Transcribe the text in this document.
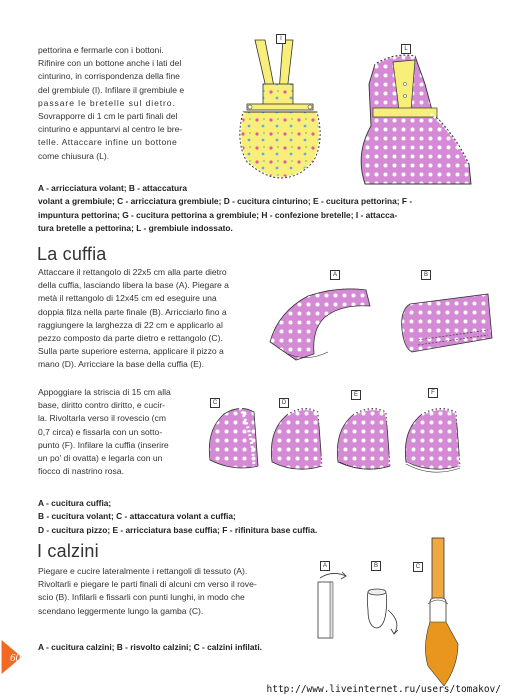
pettorina e fermarle con i bottoni.
Rifinire con un bottone anche i lati del
cinturino, in corrispondenza della fine
del grembiule (I). Infilare il grembiule e
passare le bretelle sul dietro.
Sovrapporre di 1 cm le parti finali del
cinturino e appuntarvi al centro le bre-
telle. Attaccare infine un bottone
come chiusura (L).
I
L
A - arricciatura volant; B - attaccatura
volant a grembiule; C - arricciatura grembiule; D - cucitura cinturino; E - cucitura pettorina; F -
impuntura pettorina; G - cucitura pettorina a grembiule; H - confezione bretelle; I - attacca-
tura bretelle a pettorina; L - grembiule indossato.
La cuffia
Attaccare il rettangolo di 22x5 cm alla parte dietro
della cuffia, lasciando libera la base (A). Piegare a
metà il rettangolo di 12x45 cm ed eseguire una
doppia filza nella parte finale (B). Arricciarlo fino a
raggiungere la larghezza di 22 cm e applicarlo al
pezzo composto da parte dietro e rettangolo (C).
Sulla parte superiore esterna, applicare il pizzo a
mano (D). Arricciare la base della cuffia (E).
A	B
Appoggiare la striscia di 15 cm alla
base, diritto contro diritto, e cucir-
la. Rivoltarla verso il rovescio (cm
0,7 circa) e fissarla con un sotto-
punto (F). Infilare la cuffia (inserire
un po' di ovatta) e legarla con un
fiocco di nastrino rosa.
C	D
E	F
A - cucitura cuffia;
B - cucitura volant; C - attaccatura volant a cuffia;
D - cucitura pizzo; E - arricciatura base cuffia; F - rifinitura base cuffia.
I calzini
Piegare e cucire lateralmente i rettangoli di tessuto (A).
Rivoltarli e piegare le parti finali di alcuni cm verso il rove-
scio (B). Infilarli e fissarli con punti lunghi, in modo che
scendano leggermente lungo la gamba (C).
A	B	C
A - cucitura calzini; B - risvolto calzini; C - calzini infilati.
60
http://www.liveinternet.ru/users/tomakov/
